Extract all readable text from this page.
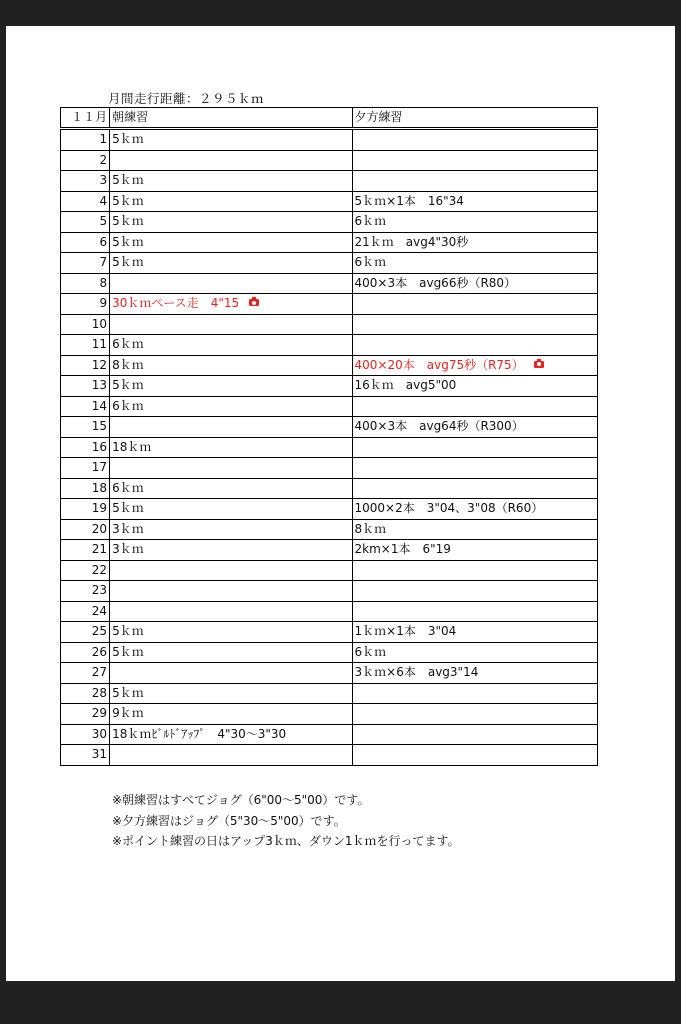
月間走行距離：２９５ｋｍ
１１月	朝練習	夕方練習
1	5ｋｍ	
2		
3	5ｋｍ	
4	5ｋｍ	5ｋｍ×1本　16"34
5	5ｋｍ	6ｋｍ
6	5ｋｍ	21ｋｍ　avg4"30秒
7	5ｋｍ	6ｋｍ
8		400×3本　avg66秒（R80）
9	30ｋｍペース走　4"15	
10		
11	6ｋｍ	
12	8ｋｍ	400×20本　avg75秒（R75）
13	5ｋｍ	16ｋｍ　avg5"00
14	6ｋｍ	
15		400×3本　avg64秒（R300）
16	18ｋｍ	
17		
18	6ｋｍ	
19	5ｋｍ	1000×2本　3"04、3"08（R60）
20	3ｋｍ	8ｋｍ
21	3ｋｍ	2km×1本　6"19
22		
23		
24		
25	5ｋｍ	1ｋｍ×1本　3"04
26	5ｋｍ	6ｋｍ
27		3ｋｍ×6本　avg3"14
28	5ｋｍ	
29	9ｋｍ	
30	18ｋｍﾋﾞﾙﾄﾞｱｯﾌﾟ　4"30～3"30	
31		
※朝練習はすべてジョグ（6"00～5"00）です。
※夕方練習はジョグ（5"30～5"00）です。
※ポイント練習の日はアップ3ｋｍ、ダウン1ｋｍを行ってます。
